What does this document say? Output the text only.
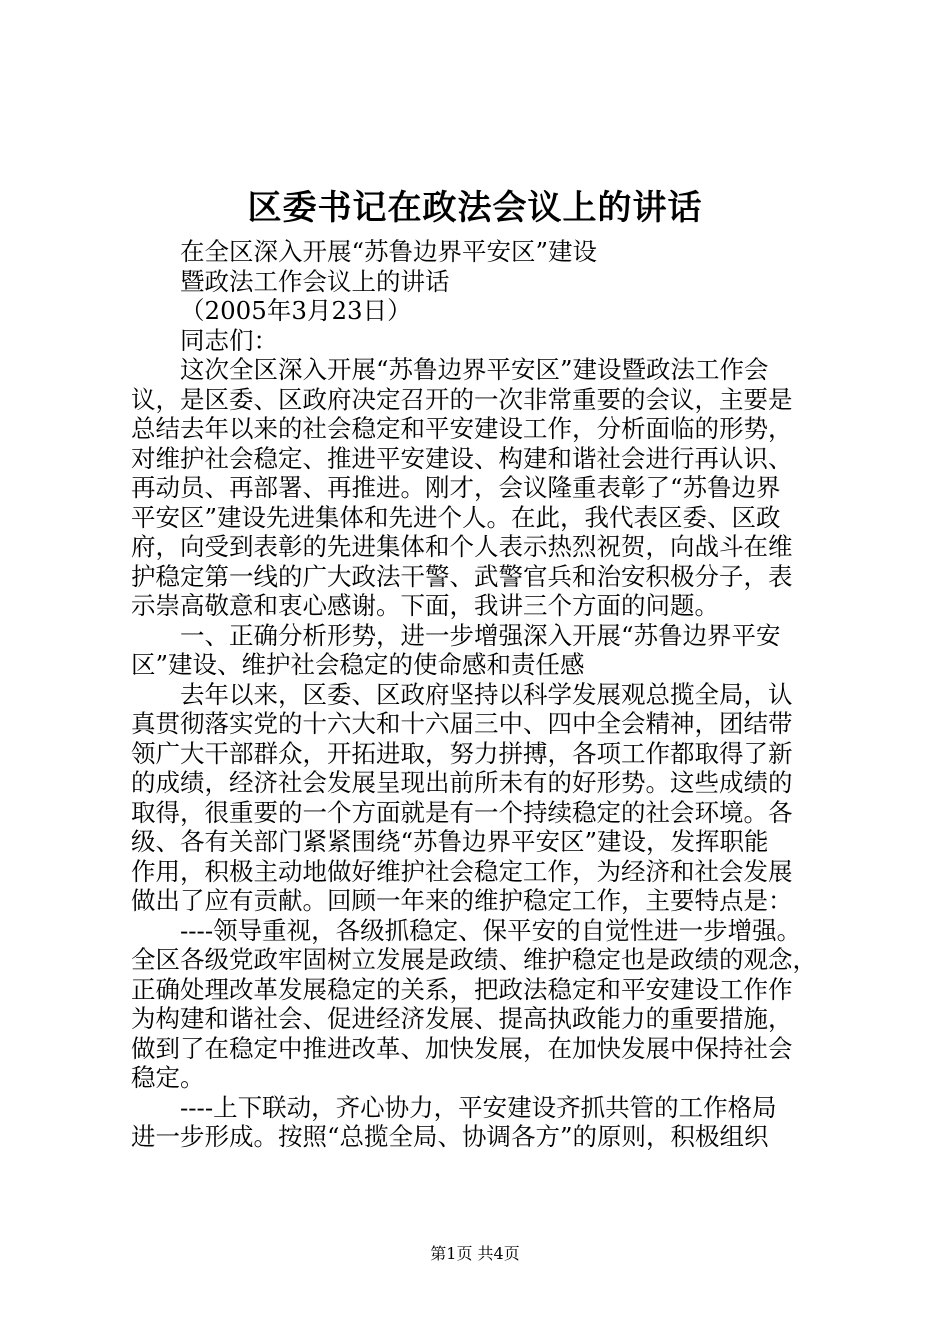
区委书记在政法会议上的讲话
在全区深入开展“苏鲁边界平安区”建设
暨政法工作会议上的讲话
（2005年3月23日）
同志们：
这次全区深入开展“苏鲁边界平安区”建设暨政法工作会
议，是区委、区政府决定召开的一次非常重要的会议，主要是
总结去年以来的社会稳定和平安建设工作，分析面临的形势，
对维护社会稳定、推进平安建设、构建和谐社会进行再认识、
再动员、再部署、再推进。刚才，会议隆重表彰了“苏鲁边界
平安区”建设先进集体和先进个人。在此，我代表区委、区政
府，向受到表彰的先进集体和个人表示热烈祝贺，向战斗在维
护稳定第一线的广大政法干警、武警官兵和治安积极分子，表
示崇高敬意和衷心感谢。下面，我讲三个方面的问题。
一、正确分析形势，进一步增强深入开展“苏鲁边界平安
区”建设、维护社会稳定的使命感和责任感
去年以来，区委、区政府坚持以科学发展观总揽全局，认
真贯彻落实党的十六大和十六届三中、四中全会精神，团结带
领广大干部群众，开拓进取，努力拼搏，各项工作都取得了新
的成绩，经济社会发展呈现出前所未有的好形势。这些成绩的
取得，很重要的一个方面就是有一个持续稳定的社会环境。各
级、各有关部门紧紧围绕“苏鲁边界平安区”建设，发挥职能
作用，积极主动地做好维护社会稳定工作，为经济和社会发展
做出了应有贡献。回顾一年来的维护稳定工作，主要特点是：
----领导重视，各级抓稳定、保平安的自觉性进一步增强。
全区各级党政牢固树立发展是政绩、维护稳定也是政绩的观念，
正确处理改革发展稳定的关系，把政法稳定和平安建设工作作
为构建和谐社会、促进经济发展、提高执政能力的重要措施，
做到了在稳定中推进改革、加快发展，在加快发展中保持社会
稳定。
----上下联动，齐心协力，平安建设齐抓共管的工作格局
进一步形成。按照“总揽全局、协调各方”的原则，积极组织
第1页 共4页
